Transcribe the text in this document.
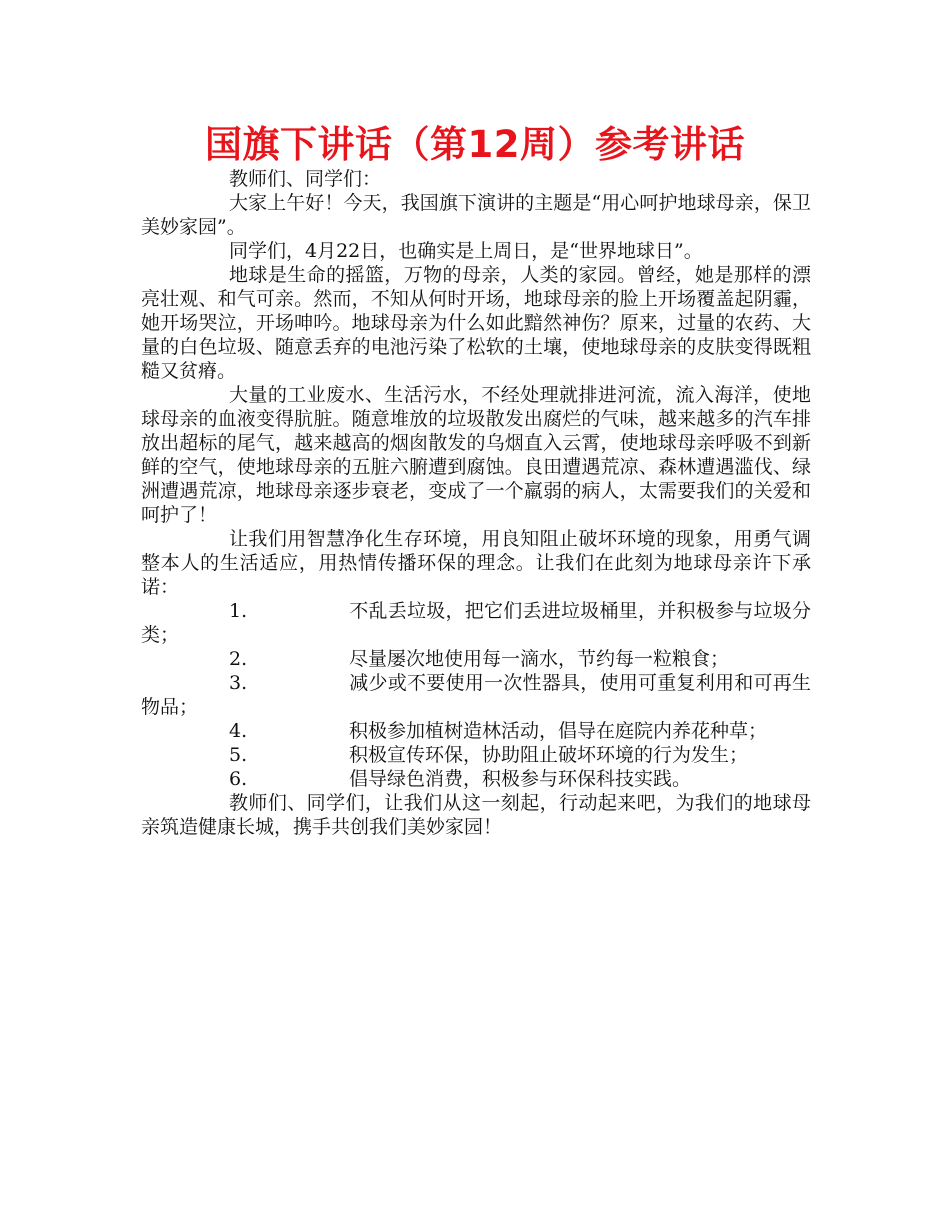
国旗下讲话（第12周）参考讲话

教师们、同学们：

大家上午好！今天，我国旗下演讲的主题是“用心呵护地球母亲，保卫美妙家园”。

同学们，4月22日，也确实是上周日，是“世界地球日”。

地球是生命的摇篮，万物的母亲，人类的家园。曾经，她是那样的漂亮壮观、和气可亲。然而，不知从何时开场，地球母亲的脸上开场覆盖起阴霾，她开场哭泣，开场呻吟。地球母亲为什么如此黯然神伤？原来，过量的农药、大量的白色垃圾、随意丢弃的电池污染了松软的土壤，使地球母亲的皮肤变得既粗糙又贫瘠。

大量的工业废水、生活污水，不经处理就排进河流，流入海洋，使地球母亲的血液变得肮脏。随意堆放的垃圾散发出腐烂的气味，越来越多的汽车排放出超标的尾气，越来越高的烟囱散发的乌烟直入云霄，使地球母亲呼吸不到新鲜的空气，使地球母亲的五脏六腑遭到腐蚀。良田遭遇荒凉、森林遭遇滥伐、绿洲遭遇荒凉，地球母亲逐步衰老，变成了一个羸弱的病人，太需要我们的关爱和呵护了！

让我们用智慧净化生存环境，用良知阻止破坏环境的现象，用勇气调整本人的生活适应，用热情传播环保的理念。让我们在此刻为地球母亲许下承诺：

1.	不乱丢垃圾，把它们丢进垃圾桶里，并积极参与垃圾分类；

2.	尽量屡次地使用每一滴水，节约每一粒粮食；

3.	减少或不要使用一次性器具，使用可重复利用和可再生物品；

4.	积极参加植树造林活动，倡导在庭院内养花种草；

5.	积极宣传环保，协助阻止破坏环境的行为发生；

6.	倡导绿色消费，积极参与环保科技实践。

教师们、同学们，让我们从这一刻起，行动起来吧，为我们的地球母亲筑造健康长城，携手共创我们美妙家园！
